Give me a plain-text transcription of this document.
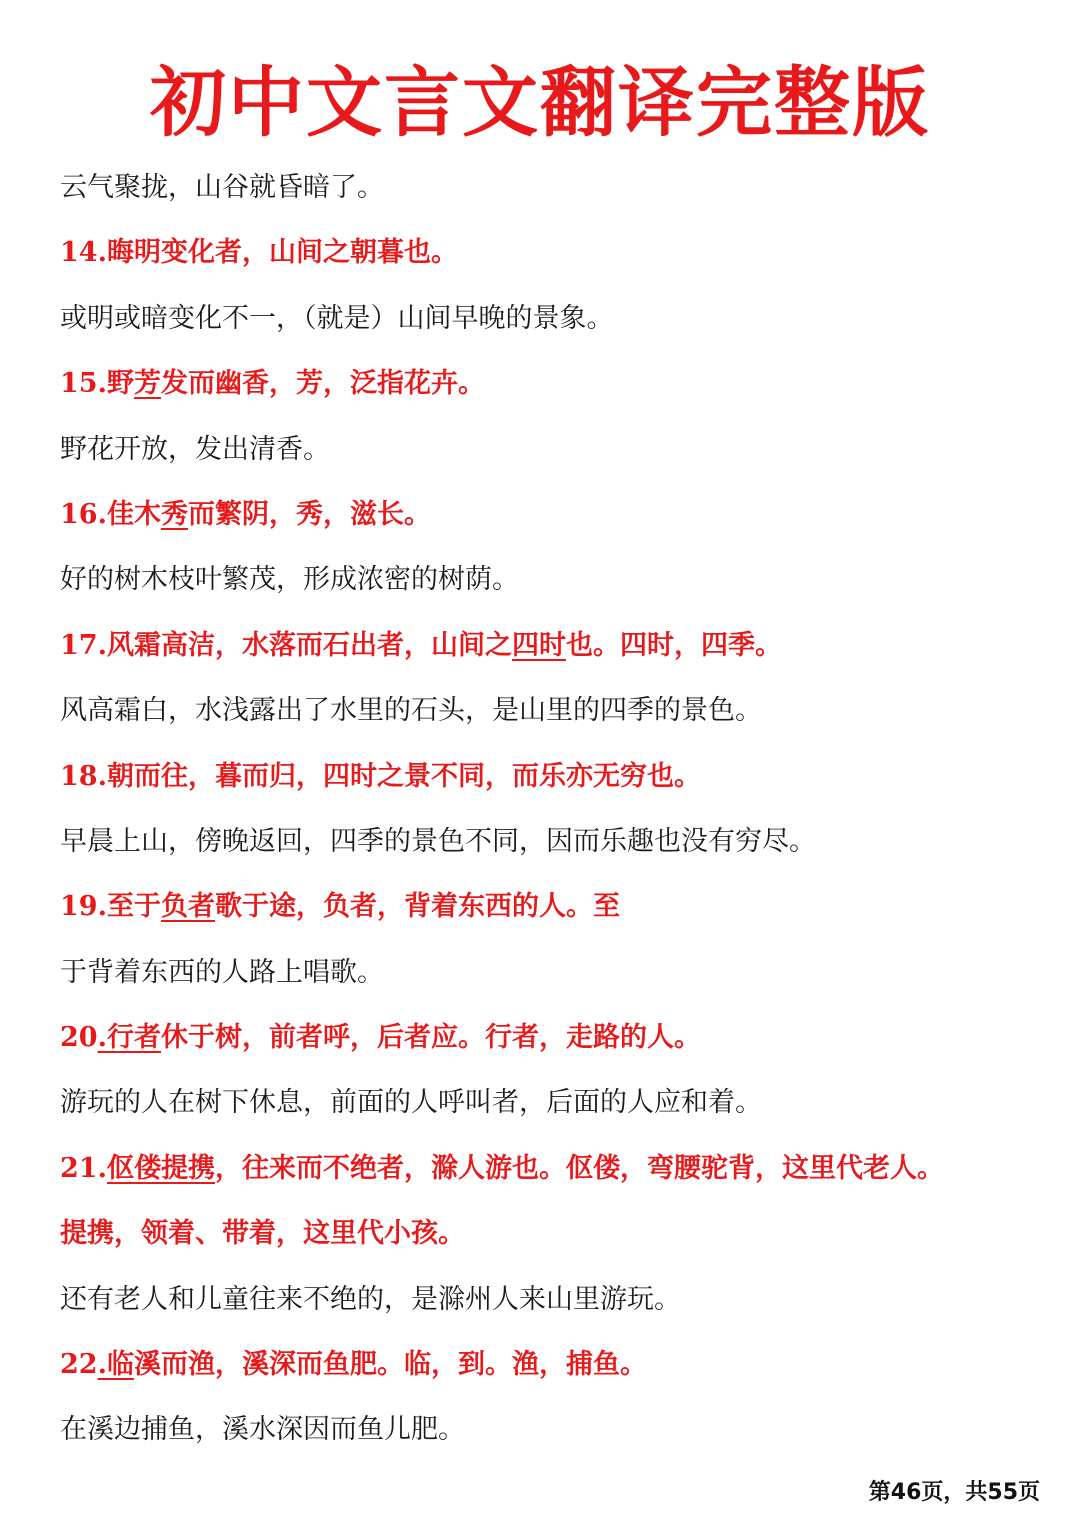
初中文言文翻译完整版
云气聚拢，山谷就昏暗了。
14.晦明变化者，山间之朝暮也。
或明或暗变化不一，（就是）山间早晚的景象。
15.野芳发而幽香，芳，泛指花卉。
野花开放，发出清香。
16.佳木秀而繁阴，秀，滋长。
好的树木枝叶繁茂，形成浓密的树荫。
17.风霜高洁，水落而石出者，山间之四时也。四时，四季。
风高霜白，水浅露出了水里的石头，是山里的四季的景色。
18.朝而往，暮而归，四时之景不同，而乐亦无穷也。
早晨上山，傍晚返回，四季的景色不同，因而乐趣也没有穷尽。
19.至于负者歌于途，负者，背着东西的人。至
于背着东西的人路上唱歌。
20.行者休于树，前者呼，后者应。行者，走路的人。
游玩的人在树下休息，前面的人呼叫者，后面的人应和着。
21.伛偻提携，往来而不绝者，滁人游也。伛偻，弯腰驼背，这里代老人。
提携，领着、带着，这里代小孩。
还有老人和儿童往来不绝的，是滁州人来山里游玩。
22.临溪而渔，溪深而鱼肥。临，到。渔，捕鱼。
在溪边捕鱼，溪水深因而鱼儿肥。
第46页，共55页
